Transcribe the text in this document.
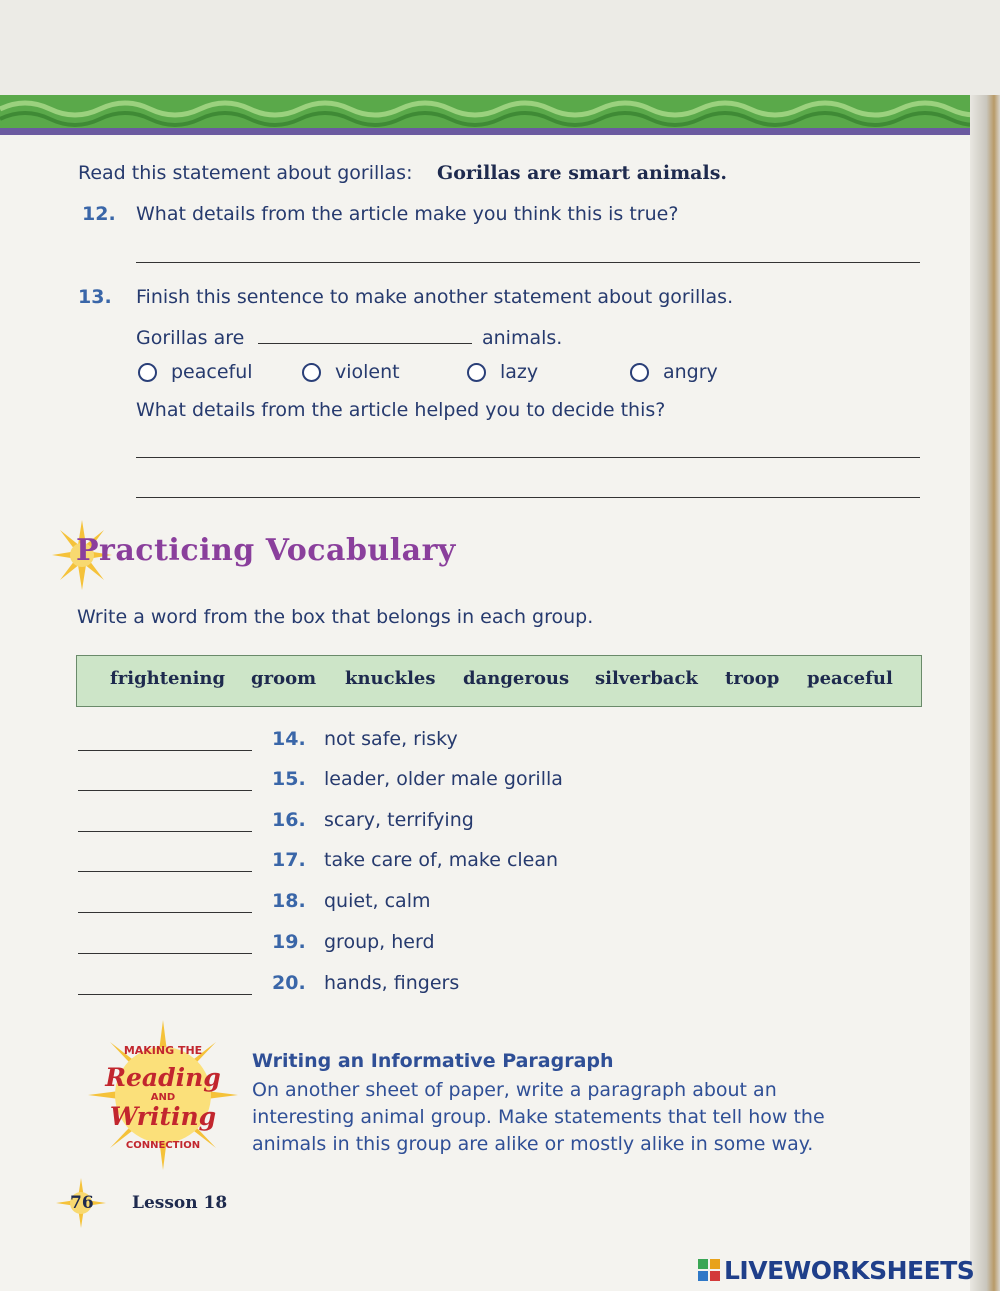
Read this statement about gorillas: Gorillas are smart animals.
12. What details from the article make you think this is true?
13. Finish this sentence to make another statement about gorillas.
Gorillas are	animals.
peaceful	violent	lazy	angry
What details from the article helped you to decide this?
Practicing Vocabulary
Write a word from the box that belongs in each group.
frightening groom knuckles dangerous silverback troop peaceful
14. not safe, risky
15. leader, older male gorilla
16. scary, terrifying
17. take care of, make clean
18. quiet, calm
19. group, herd
20. hands, fingers
MAKING THE
Reading
AND
Writing
CONNECTION
Writing an Informative Paragraph
On another sheet of paper, write a paragraph about an
interesting animal group. Make statements that tell how the
animals in this group are alike or mostly alike in some way.
76 Lesson 18
LIVEWORKSHEETS
